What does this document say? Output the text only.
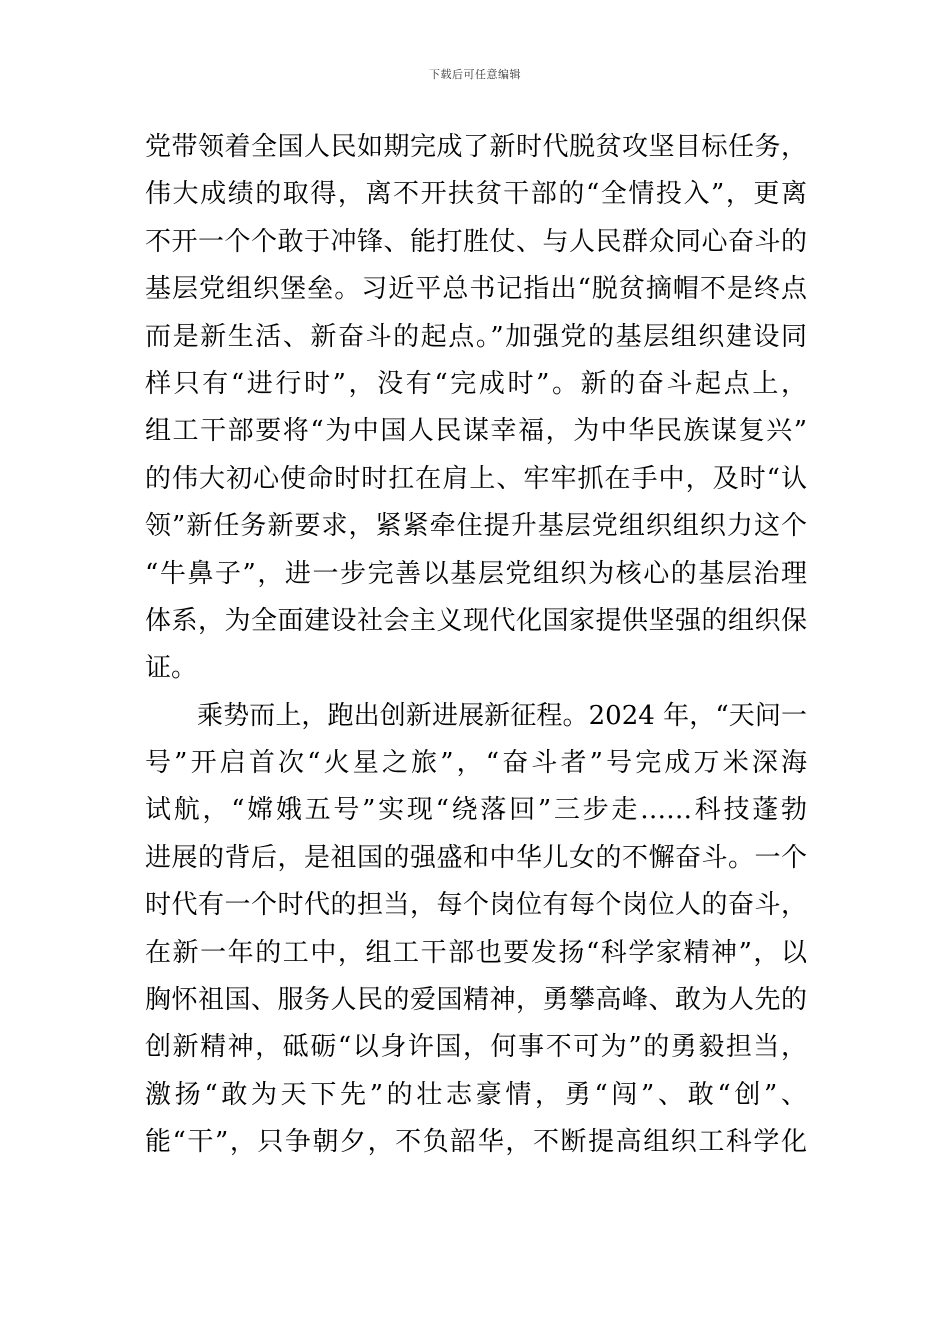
下载后可任意编辑
党带领着全国人民如期完成了新时代脱贫攻坚目标任务，
伟大成绩的取得，离不开扶贫干部的“全情投入”，更离
不开一个个敢于冲锋、能打胜仗、与人民群众同心奋斗的
基层党组织堡垒。习近平总书记指出“脱贫摘帽不是终点
而是新生活、新奋斗的起点。”加强党的基层组织建设同
样只有“进行时”，没有“完成时”。新的奋斗起点上，
组工干部要将“为中国人民谋幸福，为中华民族谋复兴”
的伟大初心使命时时扛在肩上、牢牢抓在手中，及时“认
领”新任务新要求，紧紧牵住提升基层党组织组织力这个
“牛鼻子”，进一步完善以基层党组织为核心的基层治理
体系，为全面建设社会主义现代化国家提供坚强的组织保
证。
乘势而上，跑出创新进展新征程。2024 年，“天问一
号”开启首次“火星之旅”，“奋斗者”号完成万米深海
试航，“嫦娥五号”实现“绕落回”三步走……科技蓬勃
进展的背后，是祖国的强盛和中华儿女的不懈奋斗。一个
时代有一个时代的担当，每个岗位有每个岗位人的奋斗，
在新一年的工中，组工干部也要发扬“科学家精神”，以
胸怀祖国、服务人民的爱国精神，勇攀高峰、敢为人先的
创新精神，砥砺“以身许国，何事不可为”的勇毅担当，
激扬“敢为天下先”的壮志豪情，勇“闯”、敢“创”、
能“干”，只争朝夕，不负韶华，不断提高组织工科学化
